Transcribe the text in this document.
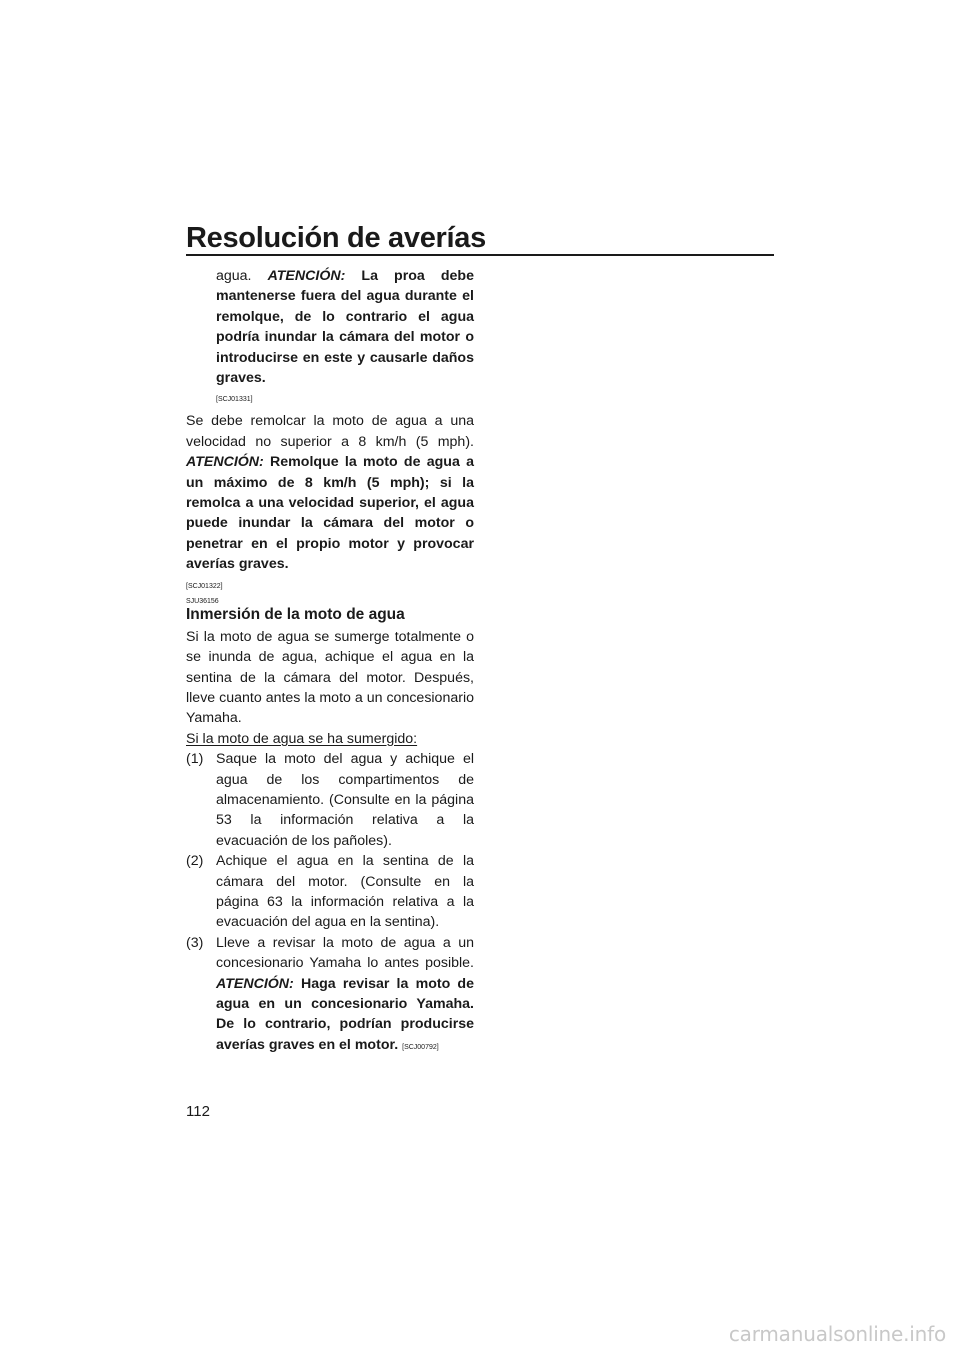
Resolución de averías

agua. ATENCIÓN: La proa debe mantenerse fuera del agua durante el remolque, de lo contrario el agua podría inundar la cámara del motor o introducirse en este y causarle daños graves.

[SCJ01331]

Se debe remolcar la moto de agua a una velocidad no superior a 8 km/h (5 mph). ATENCIÓN: Remolque la moto de agua a un máximo de 8 km/h (5 mph); si la remolca a una velocidad superior, el agua puede inundar la cámara del motor o penetrar en el propio motor y provocar averías graves.

[SCJ01322]
SJU36156
Inmersión de la moto de agua

Si la moto de agua se sumerge totalmente o se inunda de agua, achique el agua en la sentina de la cámara del motor. Después, lleve cuanto antes la moto a un concesionario Yamaha.

Si la moto de agua se ha sumergido:

(1) Saque la moto del agua y achique el agua de los compartimentos de almacenamiento. (Consulte en la página 53 la información relativa a la evacuación de los pañoles).
(2) Achique el agua en la sentina de la cámara del motor. (Consulte en la página 63 la información relativa a la evacuación del agua en la sentina).
(3) Lleve a revisar la moto de agua a un concesionario Yamaha lo antes posible. ATENCIÓN: Haga revisar la moto de agua en un concesionario Yamaha. De lo contrario, podrían producirse averías graves en el motor. [SCJ00792]

112

carmanualsonline.info
